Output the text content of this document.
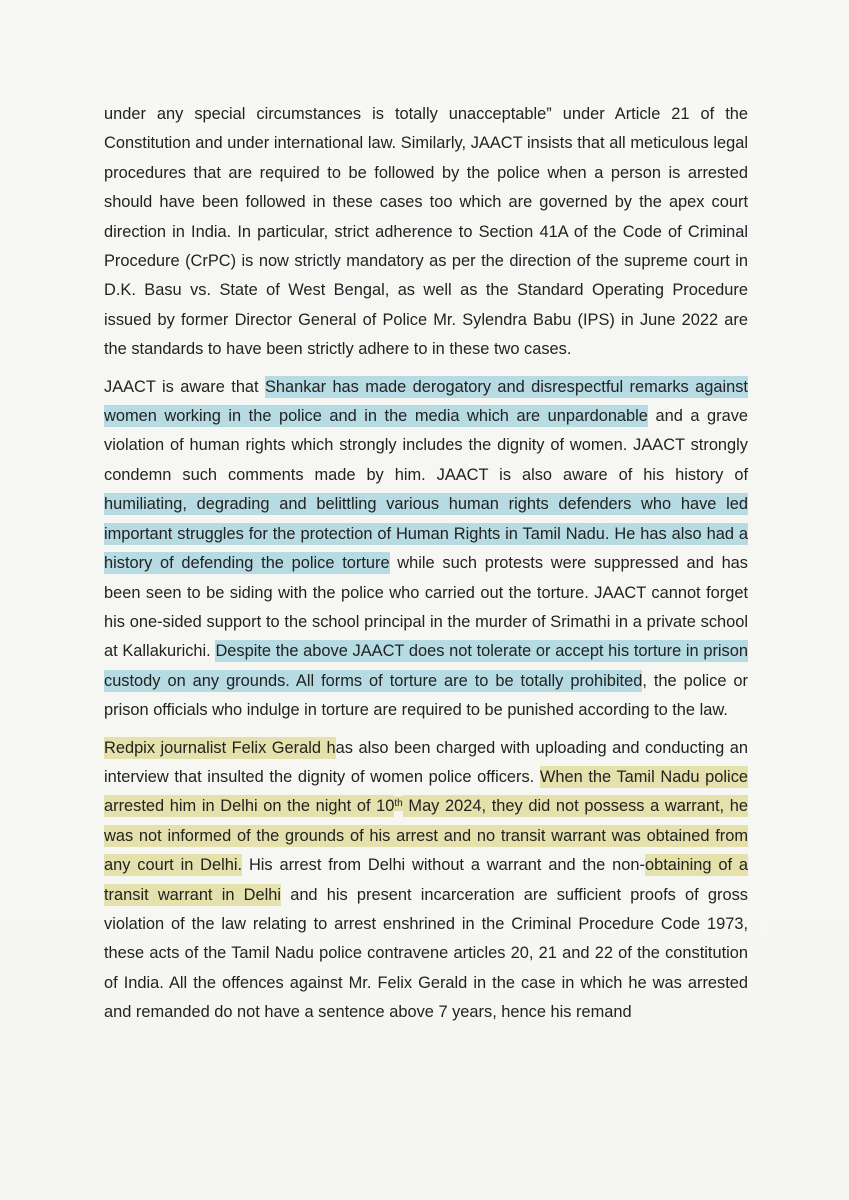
under any special circumstances is totally unacceptable” under Article 21 of the Constitution and under international law. Similarly, JAACT insists that all meticulous legal procedures that are required to be followed by the police when a person is arrested should have been followed in these cases too which are governed by the apex court direction in India. In particular, strict adherence to Section 41A of the Code of Criminal Procedure (CrPC) is now strictly mandatory as per the direction of the supreme court in D.K. Basu vs. State of West Bengal, as well as the Standard Operating Procedure issued by former Director General of Police Mr. Sylendra Babu (IPS) in June 2022 are the standards to have been strictly adhere to in these two cases.

JAACT is aware that Shankar has made derogatory and disrespectful remarks against women working in the police and in the media which are unpardonable and a grave violation of human rights which strongly includes the dignity of women. JAACT strongly condemn such comments made by him. JAACT is also aware of his history of humiliating, degrading and belittling various human rights defenders who have led important struggles for the protection of Human Rights in Tamil Nadu. He has also had a history of defending the police torture while such protests were suppressed and has been seen to be siding with the police who carried out the torture. JAACT cannot forget his one-sided support to the school principal in the murder of Srimathi in a private school at Kallakurichi. Despite the above JAACT does not tolerate or accept his torture in prison custody on any grounds. All forms of torture are to be totally prohibited, the police or prison officials who indulge in torture are required to be punished according to the law.

Redpix journalist Felix Gerald has also been charged with uploading and conducting an interview that insulted the dignity of women police officers. When the Tamil Nadu police arrested him in Delhi on the night of 10th May 2024, they did not possess a warrant, he was not informed of the grounds of his arrest and no transit warrant was obtained from any court in Delhi. His arrest from Delhi without a warrant and the non-obtaining of a transit warrant in Delhi and his present incarceration are sufficient proofs of gross violation of the law relating to arrest enshrined in the Criminal Procedure Code 1973, these acts of the Tamil Nadu police contravene articles 20, 21 and 22 of the constitution of India. All the offences against Mr. Felix Gerald in the case in which he was arrested and remanded do not have a sentence above 7 years, hence his remand
